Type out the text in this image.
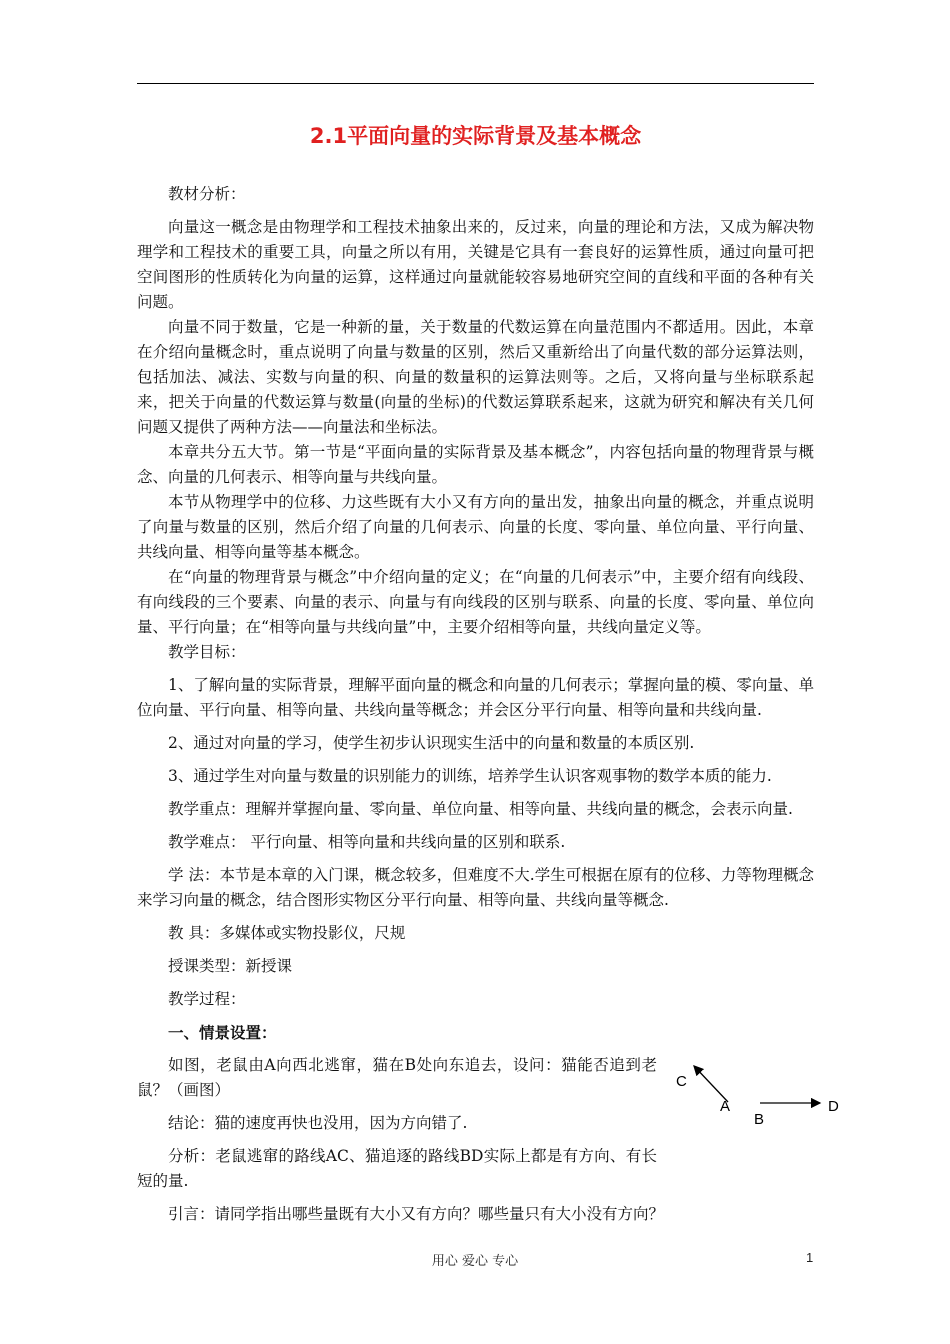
2.1平面向量的实际背景及基本概念

教材分析：

向量这一概念是由物理学和工程技术抽象出来的，反过来，向量的理论和方法，又成为解决物理学和工程技术的重要工具，向量之所以有用，关键是它具有一套良好的运算性质，通过向量可把空间图形的性质转化为向量的运算，这样通过向量就能较容易地研究空间的直线和平面的各种有关问题。

向量不同于数量，它是一种新的量，关于数量的代数运算在向量范围内不都适用。因此，本章在介绍向量概念时，重点说明了向量与数量的区别，然后又重新给出了向量代数的部分运算法则，包括加法、减法、实数与向量的积、向量的数量积的运算法则等。之后，又将向量与坐标联系起来，把关于向量的代数运算与数量(向量的坐标)的代数运算联系起来，这就为研究和解决有关几何问题又提供了两种方法——向量法和坐标法。

本章共分五大节。第一节是“平面向量的实际背景及基本概念”，内容包括向量的物理背景与概念、向量的几何表示、相等向量与共线向量。

本节从物理学中的位移、力这些既有大小又有方向的量出发，抽象出向量的概念，并重点说明了向量与数量的区别，然后介绍了向量的几何表示、向量的长度、零向量、单位向量、平行向量、共线向量、相等向量等基本概念。

在“向量的物理背景与概念”中介绍向量的定义；在“向量的几何表示”中，主要介绍有向线段、有向线段的三个要素、向量的表示、向量与有向线段的区别与联系、向量的长度、零向量、单位向量、平行向量；在“相等向量与共线向量”中，主要介绍相等向量，共线向量定义等。

教学目标：

1、了解向量的实际背景，理解平面向量的概念和向量的几何表示；掌握向量的模、零向量、单位向量、平行向量、相等向量、共线向量等概念；并会区分平行向量、相等向量和共线向量.

2、通过对向量的学习，使学生初步认识现实生活中的向量和数量的本质区别.

3、通过学生对向量与数量的识别能力的训练，培养学生认识客观事物的数学本质的能力.

教学重点：理解并掌握向量、零向量、单位向量、相等向量、共线向量的概念，会表示向量.

教学难点： 平行向量、相等向量和共线向量的区别和联系.

学 法：本节是本章的入门课，概念较多，但难度不大.学生可根据在原有的位移、力等物理概念来学习向量的概念，结合图形实物区分平行向量、相等向量、共线向量等概念.

教 具：多媒体或实物投影仪，尺规

授课类型：新授课

教学过程：

一、情景设置：

如图，老鼠由A向西北逃窜，猫在B处向东追去，设问：猫能否追到老鼠？（画图）

结论：猫的速度再快也没用，因为方向错了.

分析：老鼠逃窜的路线AC、猫追逐的路线BD实际上都是有方向、有长短的量.

引言：请同学指出哪些量既有大小又有方向？哪些量只有大小没有方向？

C
A
B
D
用心 爱心 专心	1
